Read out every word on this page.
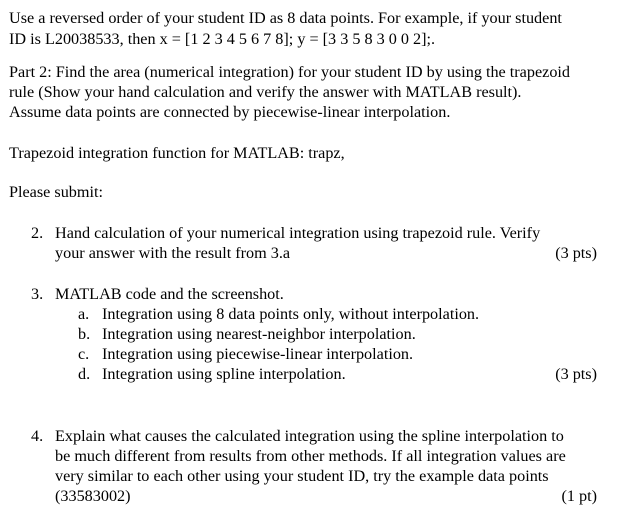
Use a reversed order of your student ID as 8 data points. For example, if your student
ID is L20038533, then x = [1 2 3 4 5 6 7 8]; y = [3 3 5 8 3 0 0 2];.
Part 2: Find the area (numerical integration) for your student ID by using the trapezoid
rule (Show your hand calculation and verify the answer with MATLAB result).
Assume data points are connected by piecewise-linear interpolation.
Trapezoid integration function for MATLAB: trapz,
Please submit:
2. Hand calculation of your numerical integration using trapezoid rule. Verify
your answer with the result from 3.a	(3 pts)
3. MATLAB code and the screenshot.
a. Integration using 8 data points only, without interpolation.
b. Integration using nearest-neighbor interpolation.
c. Integration using piecewise-linear interpolation.
d. Integration using spline interpolation.	(3 pts)
4. Explain what causes the calculated integration using the spline interpolation to
be much different from results from other methods. If all integration values are
very similar to each other using your student ID, try the example data points
(33583002)	(1 pt)
